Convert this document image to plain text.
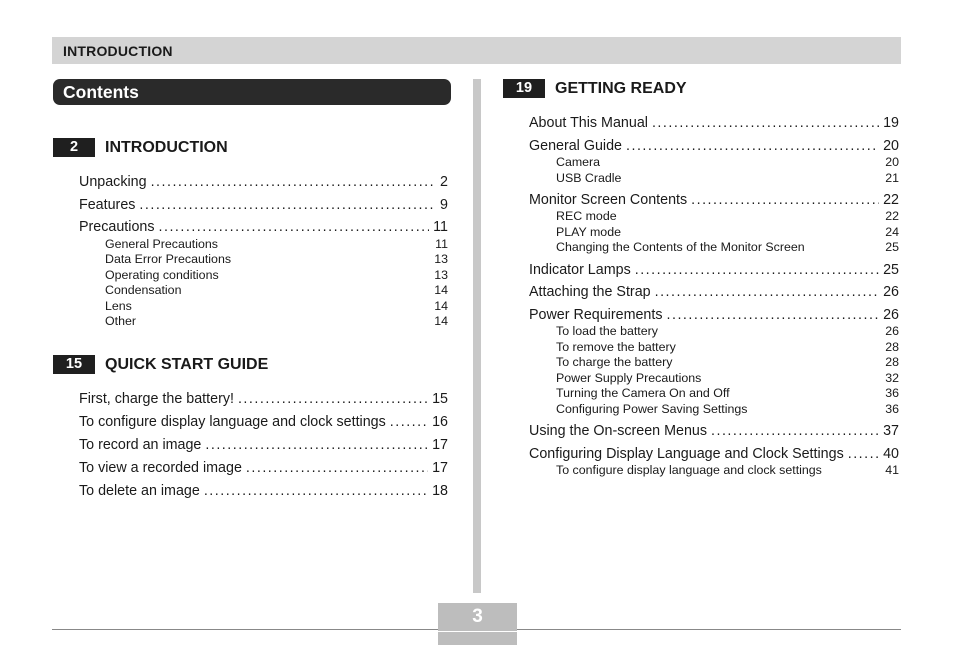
INTRODUCTION
Contents
2	INTRODUCTION
Unpacking .....	2
Features .....	9
Precautions .....	11
General Precautions	11
Data Error Precautions	13
Operating conditions	13
Condensation	14
Lens	14
Other	14
15	QUICK START GUIDE
First, charge the battery! .....	15
To configure display language and clock settings .....	16
To record an image .....	17
To view a recorded image .....	17
To delete an image .....	18
19	GETTING READY
About This Manual .....	19
General Guide .....	20
Camera	20
USB Cradle	21
Monitor Screen Contents .....	22
REC mode	22
PLAY mode	24
Changing the Contents of the Monitor Screen	25
Indicator Lamps .....	25
Attaching the Strap .....	26
Power Requirements .....	26
To load the battery	26
To remove the battery	28
To charge the battery	28
Power Supply Precautions	32
Turning the Camera On and Off	36
Configuring Power Saving Settings	36
Using the On-screen Menus .....	37
Configuring Display Language and Clock Settings .....	40
To configure display language and clock settings	41
3
